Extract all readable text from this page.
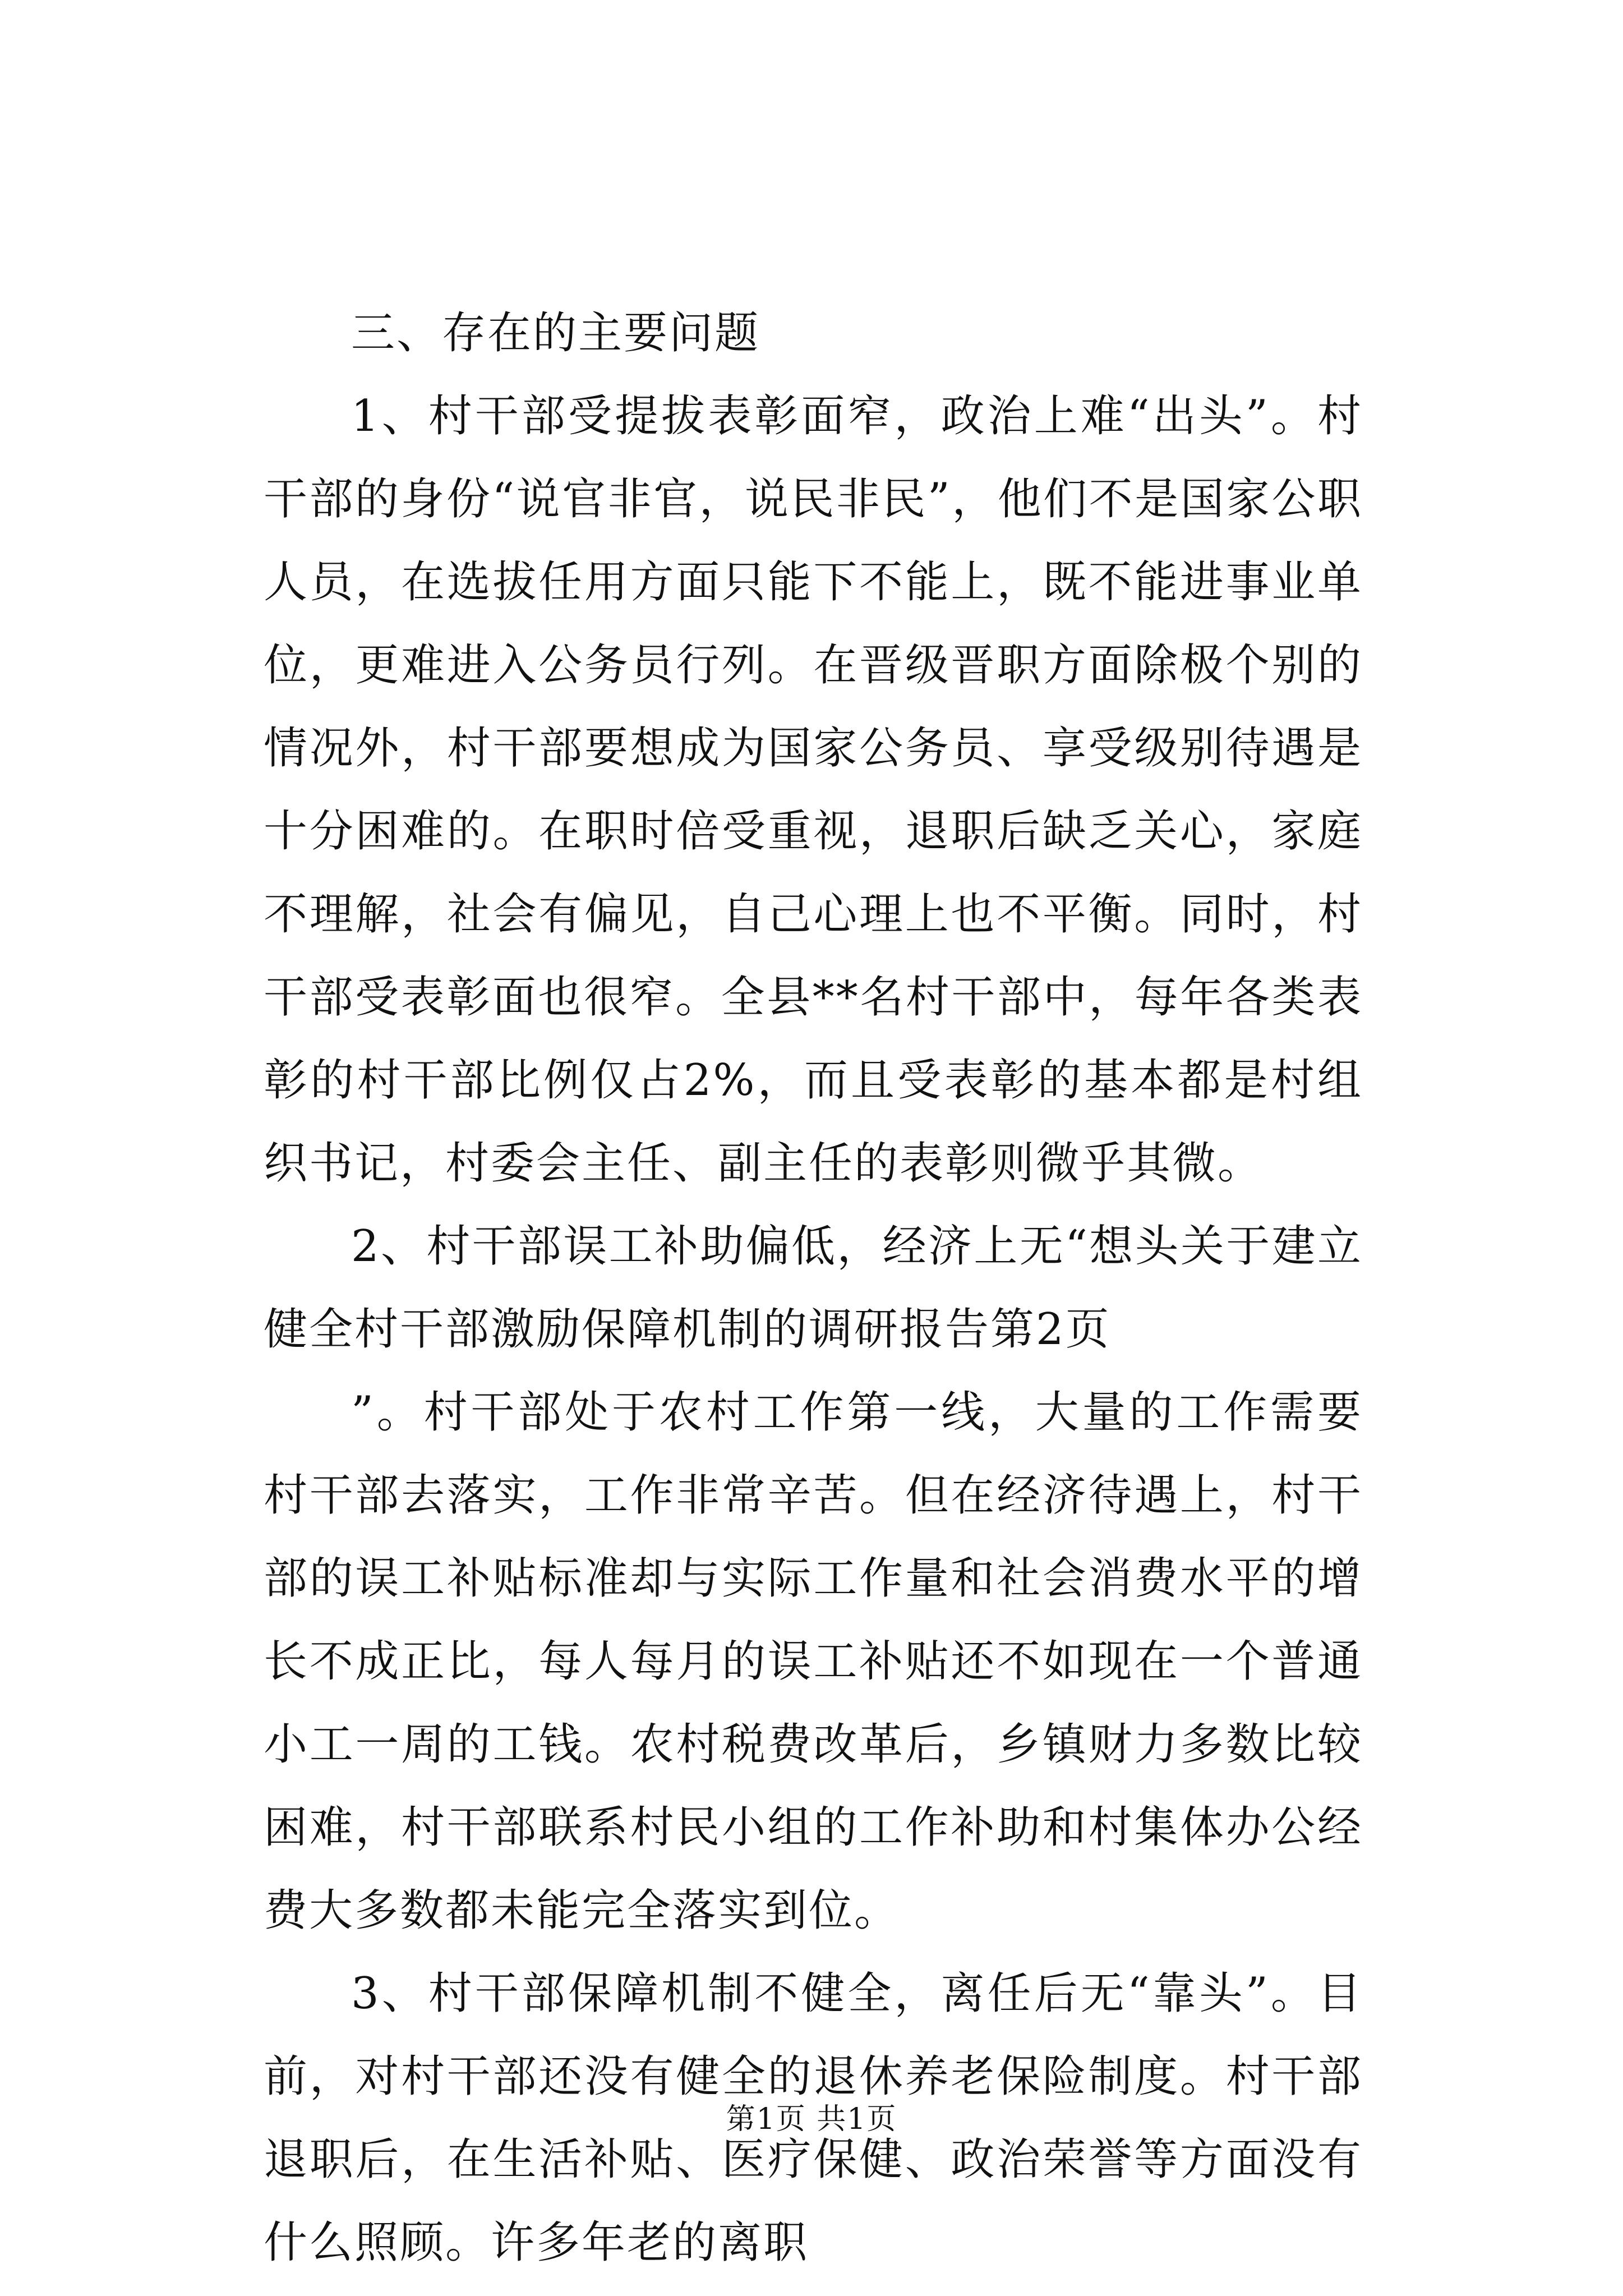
三、存在的主要问题

1、村干部受提拔表彰面窄，政治上难“出头”。村干部的身份“说官非官，说民非民”，他们不是国家公职人员，在选拔任用方面只能下不能上，既不能进事业单位，更难进入公务员行列。在晋级晋职方面除极个别的情况外，村干部要想成为国家公务员、享受级别待遇是十分困难的。在职时倍受重视，退职后缺乏关心，家庭不理解，社会有偏见，自己心理上也不平衡。同时，村干部受表彰面也很窄。全县**名村干部中，每年各类表彰的村干部比例仅占2%，而且受表彰的基本都是村组织书记，村委会主任、副主任的表彰则微乎其微。

2、村干部误工补助偏低，经济上无“想头关于建立健全村干部激励保障机制的调研报告第2页

”。村干部处于农村工作第一线，大量的工作需要村干部去落实，工作非常辛苦。但在经济待遇上，村干部的误工补贴标准却与实际工作量和社会消费水平的增长不成正比，每人每月的误工补贴还不如现在一个普通小工一周的工钱。农村税费改革后，乡镇财力多数比较困难，村干部联系村民小组的工作补助和村集体办公经费大多数都未能完全落实到位。

3、村干部保障机制不健全，离任后无“靠头”。目前，对村干部还没有健全的退休养老保险制度。村干部退职后，在生活补贴、医疗保健、政治荣誉等方面没有什么照顾。许多年老的离职

第1页 共1页
